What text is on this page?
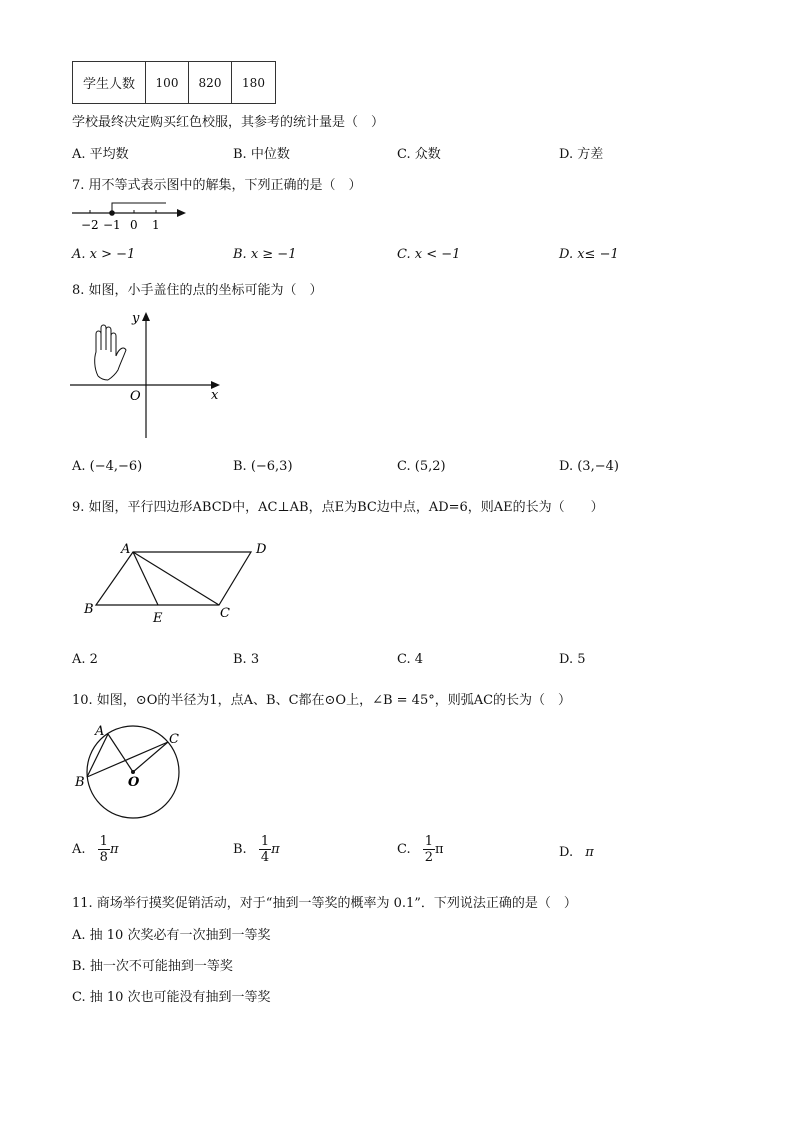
学生人数	100	820	180
学校最终决定购买红色校服，其参考的统计量是（　）
A. 平均数	B. 中位数	C. 众数	D. 方差
7. 用不等式表示图中的解集，下列正确的是（　）
−2 −1 0 1
A. x > −1	B. x ≥ −1	C. x < −1	D. x≤ −1
8. 如图，小手盖住的点的坐标可能为（　）
y
x
O
A. (−4,−6)	B. (−6,3)	C. (5,2)	D. (3,−4)
9. 如图，平行四边形ABCD中，AC⊥AB，点E为BC边中点，AD=6，则AE的长为（　　）
A	D
B	C
E
A. 2	B. 3	C. 4	D. 5
10. 如图，⊙O的半径为1，点A、B、C都在⊙O上，∠B = 45°，则弧AC的长为（　）
A
C
B	O
A. $\frac{1}{8}$ π	B. $\frac{1}{4}$ π	C. $\frac{1}{2}$ π	D. π
11. 商场举行摸奖促销活动，对于“抽到一等奖的概率为 0.1”．下列说法正确的是（　）
A. 抽 10 次奖必有一次抽到一等奖
B. 抽一次不可能抽到一等奖
C. 抽 10 次也可能没有抽到一等奖
